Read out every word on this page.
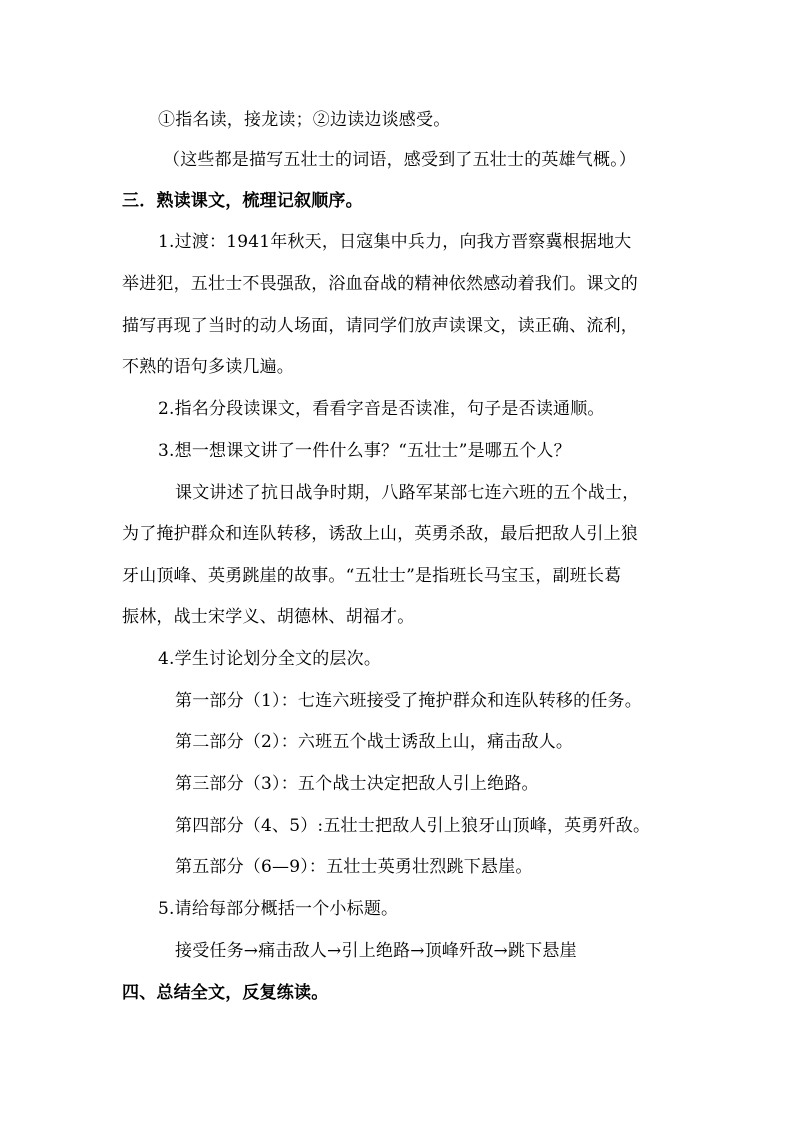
①指名读，接龙读；②边读边谈感受。
（这些都是描写五壮士的词语，感受到了五壮士的英雄气概。）
三．熟读课文，梳理记叙顺序。
1.过渡：1941年秋天，日寇集中兵力，向我方晋察冀根据地大
举进犯，五壮士不畏强敌，浴血奋战的精神依然感动着我们。课文的
描写再现了当时的动人场面，请同学们放声读课文，读正确、流利，
不熟的语句多读几遍。
2.指名分段读课文，看看字音是否读准，句子是否读通顺。
3.想一想课文讲了一件什么事？“五壮士”是哪五个人？
课文讲述了抗日战争时期，八路军某部七连六班的五个战士，
为了掩护群众和连队转移，诱敌上山，英勇杀敌，最后把敌人引上狼
牙山顶峰、英勇跳崖的故事。“五壮士”是指班长马宝玉，副班长葛
振林，战士宋学义、胡德林、胡福才。
4.学生讨论划分全文的层次。
第一部分（1）：七连六班接受了掩护群众和连队转移的任务。
第二部分（2）：六班五个战士诱敌上山，痛击敌人。
第三部分（3）：五个战士决定把敌人引上绝路。
第四部分（4、5）:五壮士把敌人引上狼牙山顶峰，英勇歼敌。
第五部分（6—9）：五壮士英勇壮烈跳下悬崖。
5.请给每部分概括一个小标题。
接受任务→痛击敌人→引上绝路→顶峰歼敌→跳下悬崖
四、总结全文，反复练读。
